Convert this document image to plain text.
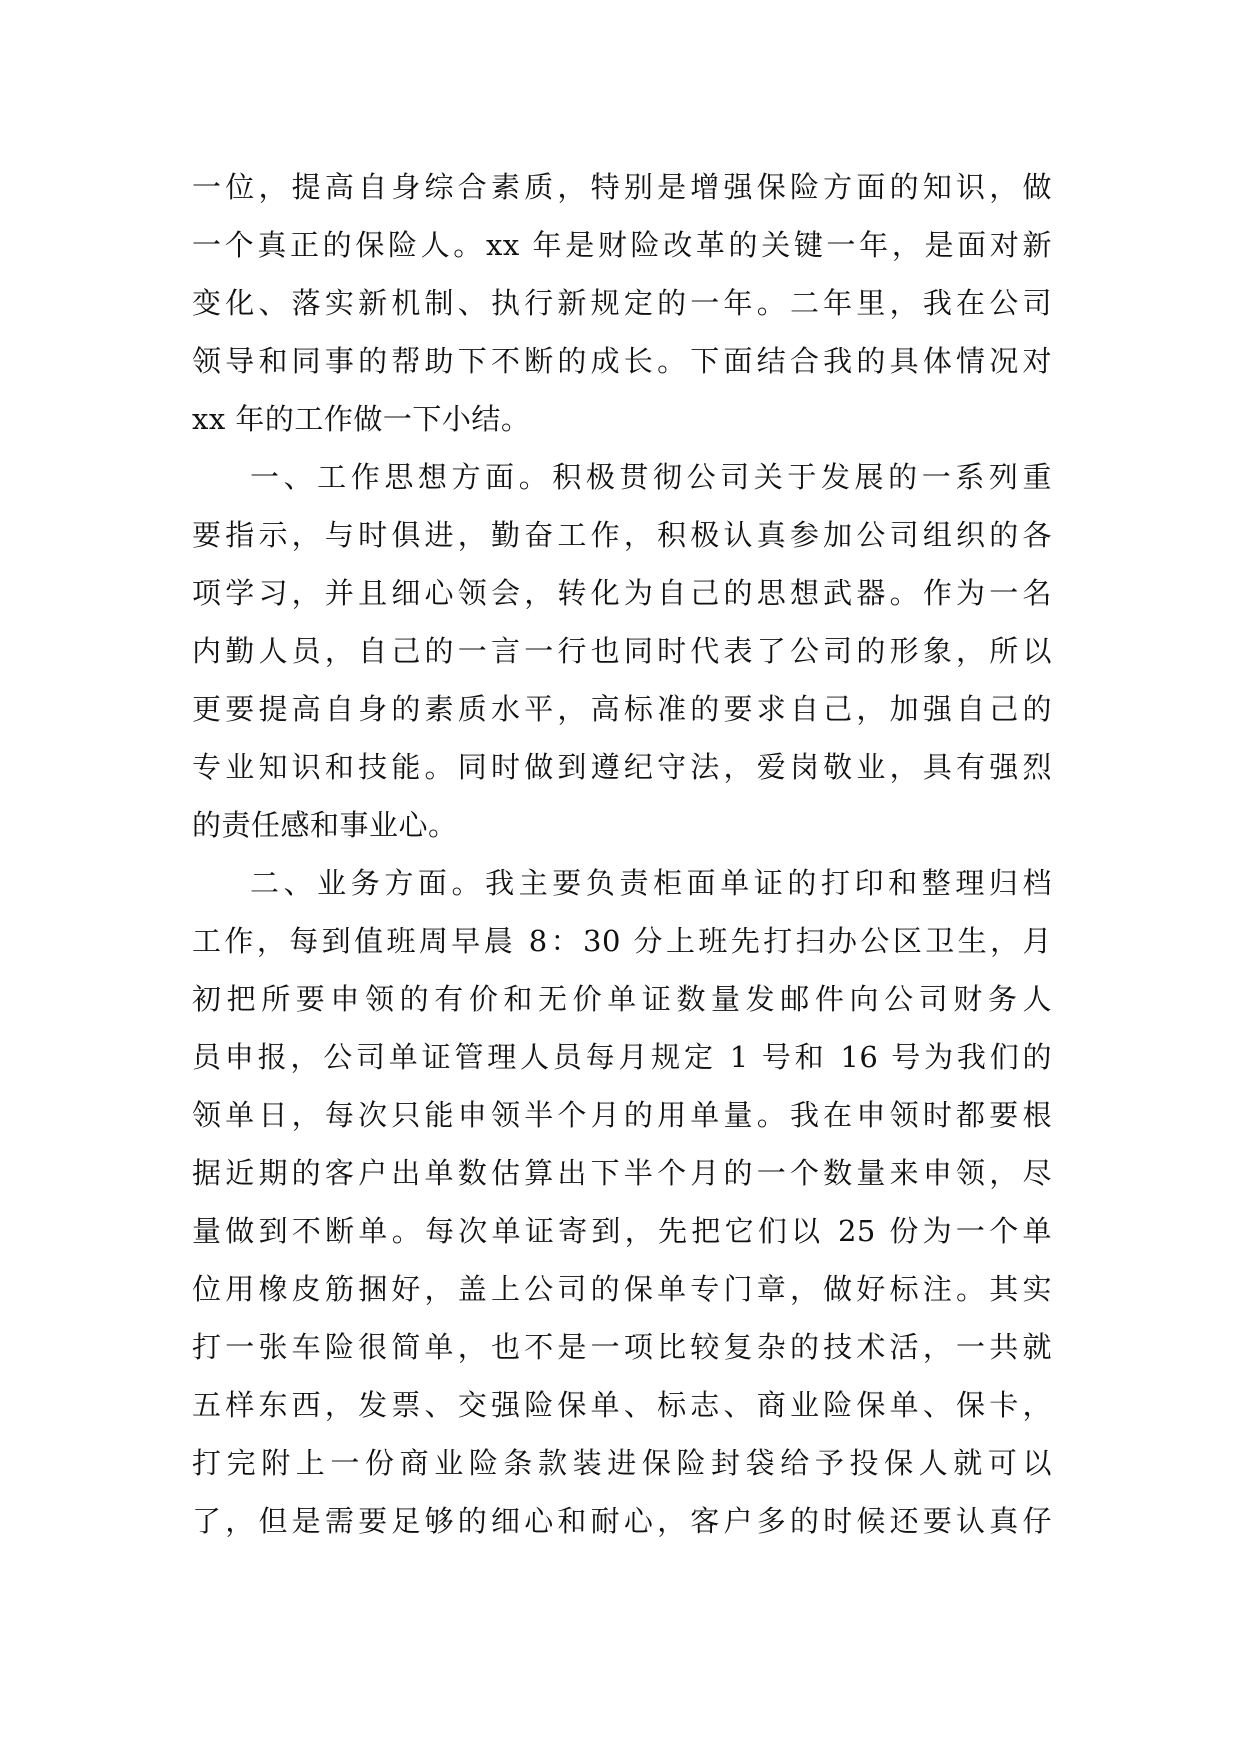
一位，提高自身综合素质，特别是增强保险方面的知识，做
一个真正的保险人。xx 年是财险改革的关键一年，是面对新
变化、落实新机制、执行新规定的一年。二年里，我在公司
领导和同事的帮助下不断的成长。下面结合我的具体情况对
xx 年的工作做一下小结。
一、工作思想方面。积极贯彻公司关于发展的一系列重
要指示，与时俱进，勤奋工作，积极认真参加公司组织的各
项学习，并且细心领会，转化为自己的思想武器。作为一名
内勤人员，自己的一言一行也同时代表了公司的形象，所以
更要提高自身的素质水平，高标准的要求自己，加强自己的
专业知识和技能。同时做到遵纪守法，爱岗敬业，具有强烈
的责任感和事业心。
二、业务方面。我主要负责柜面单证的打印和整理归档
工作，每到值班周早晨 8：30 分上班先打扫办公区卫生，月
初把所要申领的有价和无价单证数量发邮件向公司财务人
员申报，公司单证管理人员每月规定 1 号和 16 号为我们的
领单日，每次只能申领半个月的用单量。我在申领时都要根
据近期的客户出单数估算出下半个月的一个数量来申领，尽
量做到不断单。每次单证寄到，先把它们以 25 份为一个单
位用橡皮筋捆好，盖上公司的保单专门章，做好标注。其实
打一张车险很简单，也不是一项比较复杂的技术活，一共就
五样东西，发票、交强险保单、标志、商业险保单、保卡，
打完附上一份商业险条款装进保险封袋给予投保人就可以
了，但是需要足够的细心和耐心，客户多的时候还要认真仔
